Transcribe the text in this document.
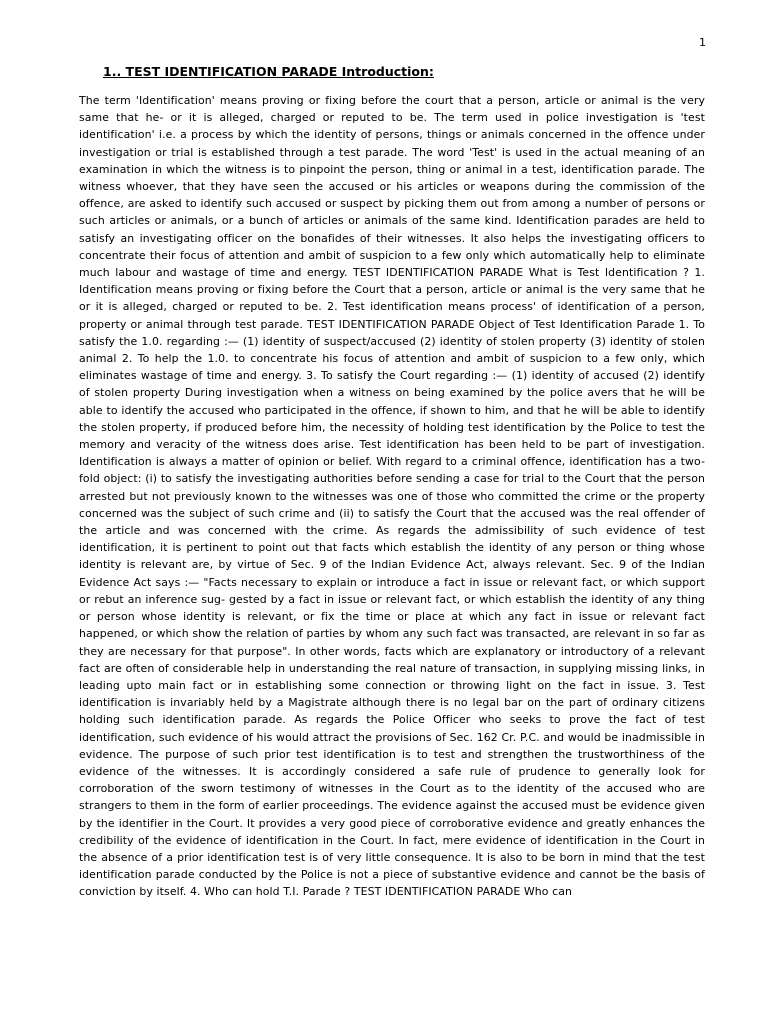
1
1.. TEST IDENTIFICATION PARADE Introduction:

The term 'Identification' means proving or fixing before the court that a person, article or animal is the very same that he- or it is alleged, charged or reputed to be. The term used in police investigation is 'test identification' i.e. a process by which the identity of persons, things or animals concerned in the offence under investigation or trial is established through a test parade. The word 'Test' is used in the actual meaning of an examination in which the witness is to pinpoint the person, thing or animal in a test, identification parade. The witness whoever, that they have seen the accused or his articles or weapons during the commission of the offence, are asked to identify such accused or suspect by picking them out from among a number of persons or such articles or animals, or a bunch of articles or animals of the same kind. Identification parades are held to satisfy an investigating officer on the bonafides of their witnesses. It also helps the investigating officers to concentrate their focus of attention and ambit of suspicion to a few only which automatically help to eliminate much labour and wastage of time and energy. TEST IDENTIFICATION PARADE What is Test Identification ? 1. Identification means proving or fixing before the Court that a person, article or animal is the very same that he or it is alleged, charged or reputed to be. 2. Test identification means process' of identification of a person, property or animal through test parade. TEST IDENTIFICATION PARADE Object of Test Identification Parade 1. To satisfy the 1.0. regarding :— (1) identity of suspect/accused (2) identity of stolen property (3) identity of stolen animal 2. To help the 1.0. to concentrate his focus of attention and ambit of suspicion to a few only, which eliminates wastage of time and energy. 3. To satisfy the Court regarding :— (1) identity of accused (2) identify of stolen property During investigation when a witness on being examined by the police avers that he will be able to identify the accused who participated in the offence, if shown to him, and that he will be able to identify the stolen property, if produced before him, the necessity of holding test identification by the Police to test the memory and veracity of the witness does arise. Test identification has been held to be part of investigation. Identification is always a matter of opinion or belief. With regard to a criminal offence, identification has a two-fold object: (i) to satisfy the investigating authorities before sending a case for trial to the Court that the person arrested but not previously known to the witnesses was one of those who committed the crime or the property concerned was the subject of such crime and (ii) to satisfy the Court that the accused was the real offender of the article and was concerned with the crime. As regards the admissibility of such evidence of test identification, it is pertinent to point out that facts which establish the identity of any person or thing whose identity is relevant are, by virtue of Sec. 9 of the Indian Evidence Act, always relevant. Sec. 9 of the Indian Evidence Act says :— "Facts necessary to explain or introduce a fact in issue or relevant fact, or which support or rebut an inference sug- gested by a fact in issue or relevant fact, or which establish the identity of any thing or person whose identity is relevant, or fix the time or place at which any fact in issue or relevant fact happened, or which show the relation of parties by whom any such fact was transacted, are relevant in so far as they are necessary for that purpose". In other words, facts which are explanatory or introductory of a relevant fact are often of considerable help in understanding the real nature of transaction, in supplying missing links, in leading upto main fact or in establishing some connection or throwing light on the fact in issue. 3. Test identification is invariably held by a Magistrate although there is no legal bar on the part of ordinary citizens holding such identification parade. As regards the Police Officer who seeks to prove the fact of test identification, such evidence of his would attract the provisions of Sec. 162 Cr. P.C. and would be inadmissible in evidence. The purpose of such prior test identification is to test and strengthen the trustworthiness of the evidence of the witnesses. It is accordingly considered a safe rule of prudence to generally look for corroboration of the sworn testimony of witnesses in the Court as to the identity of the accused who are strangers to them in the form of earlier proceedings. The evidence against the accused must be evidence given by the identifier in the Court. It provides a very good piece of corroborative evidence and greatly enhances the credibility of the evidence of identification in the Court. In fact, mere evidence of identification in the Court in the absence of a prior identification test is of very little consequence. It is also to be born in mind that the test identification parade conducted by the Police is not a piece of substantive evidence and cannot be the basis of conviction by itself. 4. Who can hold T.I. Parade ? TEST IDENTIFICATION PARADE Who can
